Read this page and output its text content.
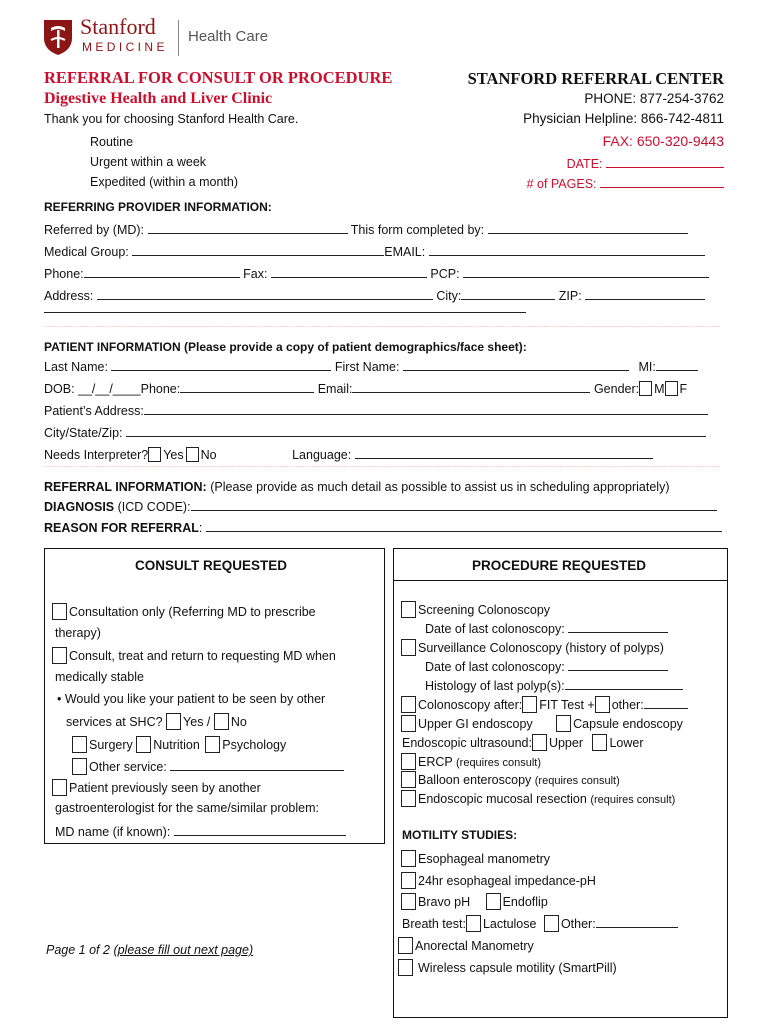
Stanford
MEDICINE
Health Care
REFERRAL FOR CONSULT OR PROCEDURE
Digestive Health and Liver Clinic
Thank you for choosing Stanford Health Care.
Routine
Urgent within a week
Expedited (within a month)
STANFORD REFERRAL CENTER
PHONE: 877-254-3762
Physician Helpline: 866-742-4811
FAX: 650-320-9443
DATE:
# of PAGES:
REFERRING PROVIDER INFORMATION:
Referred by (MD):	This form completed by:
Medical Group:	EMAIL:
Phone:	Fax:	PCP:
Address:	City:	ZIP:
*****
PATIENT INFORMATION (Please provide a copy of patient demographics/face sheet):
Last Name:	First Name:	MI:
DOB: __/__/____Phone:	Email:	Gender: M F
Patient’s Address:
City/State/Zip:
Needs Interpreter? Yes No	Language:
*****
REFERRAL INFORMATION: (Please provide as much detail as possible to assist us in scheduling appropriately)
DIAGNOSIS (ICD CODE):
REASON FOR REFERRAL:
CONSULT REQUESTED
Consultation only (Referring MD to prescribe
therapy)
Consult, treat and return to requesting MD when
medically stable
• Would you like your patient to be seen by other
services at SHC? Yes / No
Surgery Nutrition Psychology
Other service:
Patient previously seen by another
gastroenterologist for the same/similar problem:
MD name (if known):
Page 1 of 2 (please fill out next page)
PROCEDURE REQUESTED
Screening Colonoscopy
Date of last colonoscopy:
Surveillance Colonoscopy (history of polyps)
Date of last colonoscopy:
Histology of last polyp(s):
Colonoscopy after: FIT Test + other:
Upper GI endoscopy	Capsule endoscopy
Endoscopic ultrasound: Upper Lower
ERCP (requires consult)
Balloon enteroscopy (requires consult)
Endoscopic mucosal resection (requires consult)
MOTILITY STUDIES:
Esophageal manometry
24hr esophageal impedance-pH
Bravo pH	Endoflip
Breath test: Lactulose Other:
Anorectal Manometry
Wireless capsule motility (SmartPill)
